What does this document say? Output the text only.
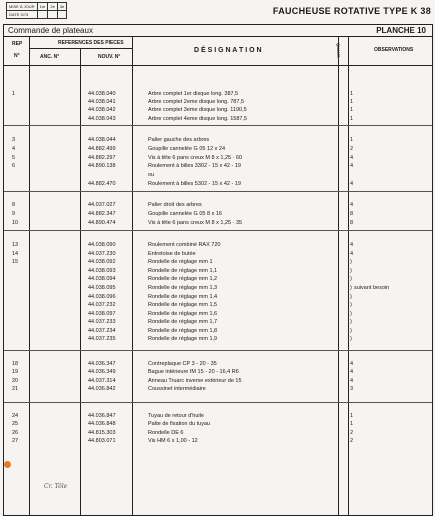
MISE À JOUR	1re	2e	3e
DATE 3/73				FAUCHEUSE ROTATIVE TYPE K 38
Commande de plateaux	PLANCHE 10
REP
N°
REFERENCES DES PIECES
ANC. N°	NOUV. N°
D É S I G N A T I O N	QUANT.	OBSERVATIONS
1	44.038.040	Arbre complet 1er disque long. 387,5	1
44.038.041	Arbre complet 2eme disque long. 787,5	1
44.038.042	Arbre complet 3eme disque long. 1190,5	1
44.038.043	Arbre complet 4eme disque long. 1587,5	1
3	44.038.044	Palier gauche des arbres	1
4	44.882.499	Goupille cannelée G 05 12 x 24	2
5	44.882.297	Vis à tête 6 pans creux M 8 x 1,25 · 60	4
6	44.890.138	Roulement à billes 3302 - 15 x 42 - 19	4
ou
44.882.470	Roulement à billes 5302 - 15 x 42 - 19	4
8	44.037.027	Palier droit des arbres	4
9	44.882.347	Goupille cannelée G 05 8 x 16	8
10	44.890.474	Vis à tête 6 pans creux M 8 x 1,25 · 35	8
13	44.038.090	Roulement combiné RAX 720	4
14	44.037.230	Entretoise de butée	4
15	44.038.092	Rondelle de réglage mm 1	)
44.038.093	Rondelle de réglage mm 1,1	)
44.038.094	Rondelle de réglage mm 1,2	)
44.038.095	Rondelle de réglage mm 1,3	) suivant besoin
44.038.096	Rondelle de réglage mm 1,4	)
44.037.232	Rondelle de réglage mm 1,5	)
44.038.097	Rondelle de réglage mm 1,6	)
44.037.233	Rondelle de réglage mm 1,7	)
44.037.234	Rondelle de réglage mm 1,8	)
44.037.235	Rondelle de réglage mm 1,9	)
18	44.036.347	Contreplaque CP 3 - 20 - 35	4
19	44.036.349	Bague intérieure IM 15 - 20 - 16,4 R6	4
20	44.037.314	Anneau Truarc inverse extérieur de 15	4
21	44.036.842	Coussinet intermédiaire	3
24	44.036.847	Tuyau de retour d'huile	1
25	44.036.848	Patte de fixation du tuyau	1
26	44.815.303	Rondelle DE 6	2
27	44.803.071	Vis HM 6 x 1,00 - 12	2
Cr. Tôle
